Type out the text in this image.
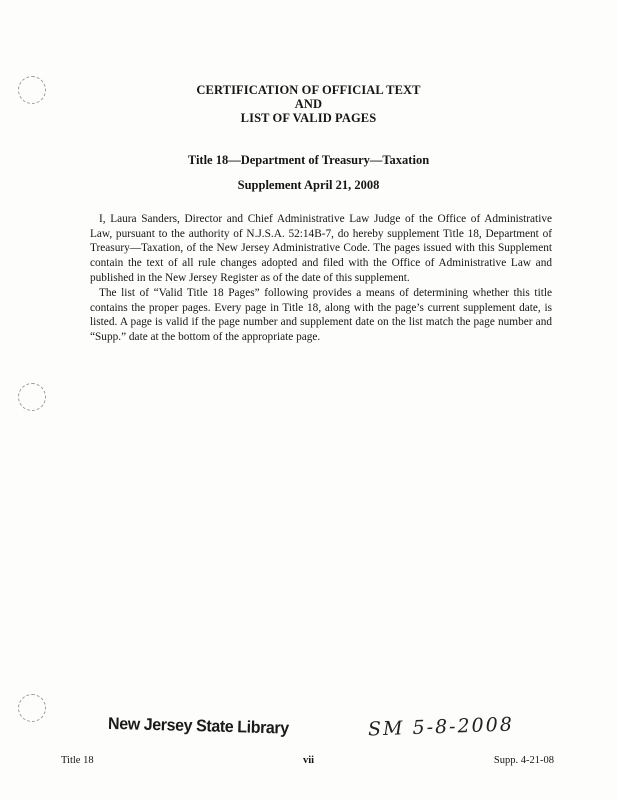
CERTIFICATION OF OFFICIAL TEXT
AND
LIST OF VALID PAGES
Title 18—Department of Treasury—Taxation
Supplement April 21, 2008

I, Laura Sanders, Director and Chief Administrative Law Judge of the Office of Administrative Law, pursuant to the authority of N.J.S.A. 52:14B-7, do hereby supplement Title 18, Department of Treasury—Taxation, of the New Jersey Administrative Code. The pages issued with this Supplement contain the text of all rule changes adopted and filed with the Office of Administrative Law and published in the New Jersey Register as of the date of this supplement.

The list of “Valid Title 18 Pages” following provides a means of determining whether this title contains the proper pages. Every page in Title 18, along with the page’s current supplement date, is listed. A page is valid if the page number and supplement date on the list match the page number and “Supp.” date at the bottom of the appropriate page.

New Jersey State Library	SM 5-8-2008
Title 18	vii	Supp. 4-21-08
